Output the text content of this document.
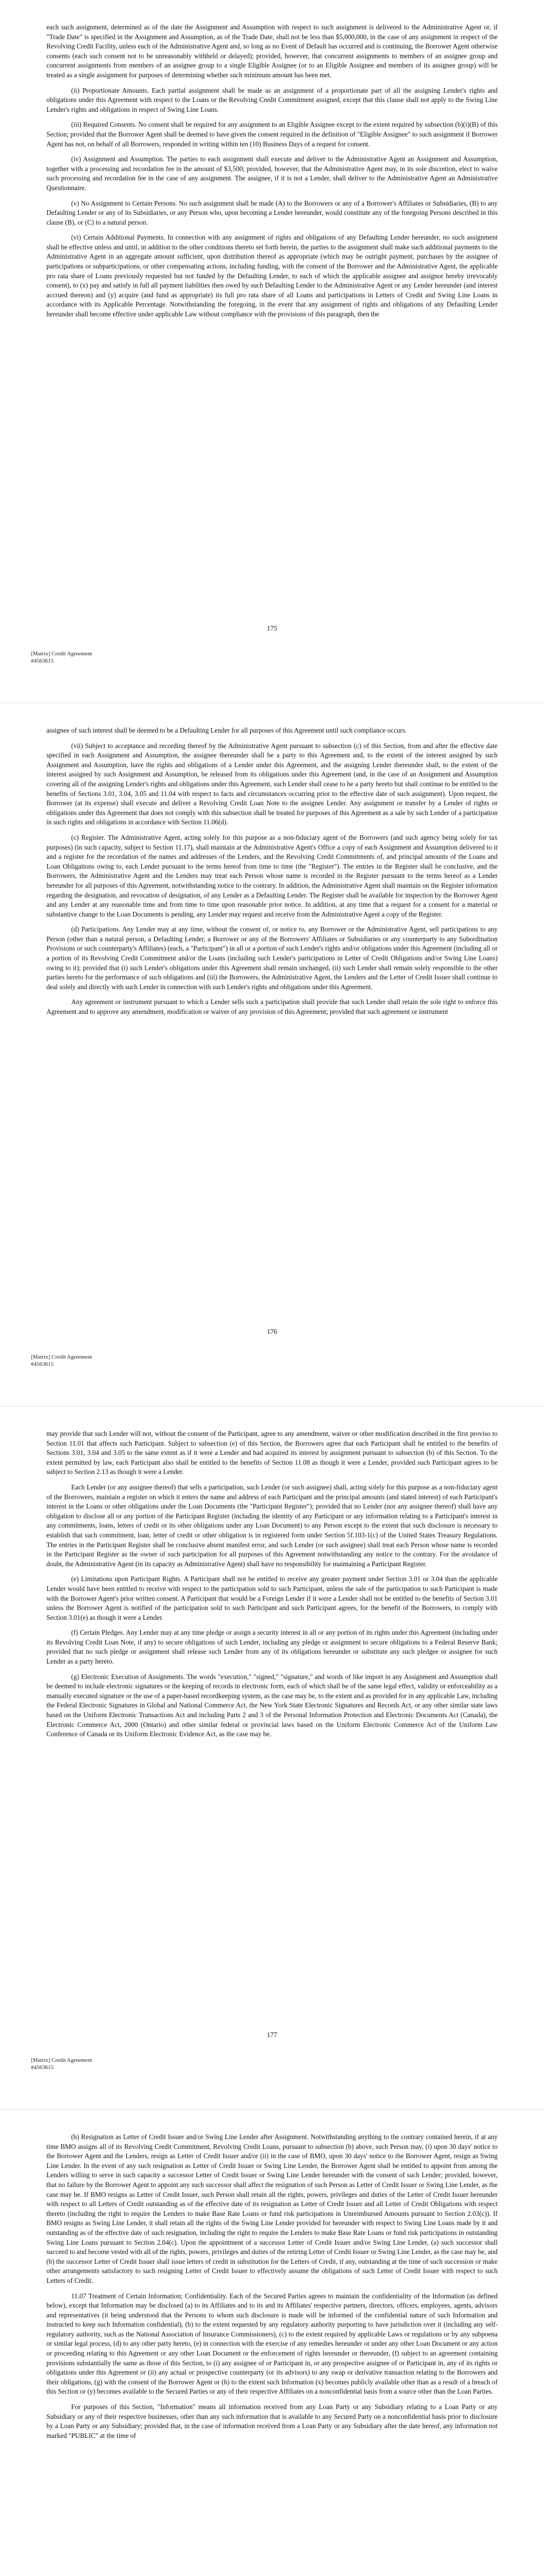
each such assignment, determined as of the date the Assignment and Assumption with respect to such assignment is delivered to the Administrative Agent or, if "Trade Date" is specified in the Assignment and Assumption, as of the Trade Date, shall not be less than $5,000,000, in the case of any assignment in respect of the Revolving Credit Facility, unless each of the Administrative Agent and, so long as no Event of Default has occurred and is continuing, the Borrower Agent otherwise consents (each such consent not to be unreasonably withheld or delayed); provided, however, that concurrent assignments to members of an assignee group and concurrent assignments from members of an assignee group to a single Eligible Assignee (or to an Eligible Assignee and members of its assignee group) will be treated as a single assignment for purposes of determining whether such minimum amount has been met.

(ii) Proportionate Amounts. Each partial assignment shall be made as an assignment of a proportionate part of all the assigning Lender's rights and obligations under this Agreement with respect to the Loans or the Revolving Credit Commitment assigned, except that this clause shall not apply to the Swing Line Lender's rights and obligations in respect of Swing Line Loans.

(iii) Required Consents. No consent shall be required for any assignment to an Eligible Assignee except to the extent required by subsection (b)(i)(B) of this Section; provided that the Borrower Agent shall be deemed to have given the consent required in the definition of "Eligible Assignee" to such assignment if Borrower Agent has not, on behalf of all Borrowers, responded in writing within ten (10) Business Days of a request for consent.

(iv) Assignment and Assumption. The parties to each assignment shall execute and deliver to the Administrative Agent an Assignment and Assumption, together with a processing and recordation fee in the amount of $3,500; provided, however, that the Administrative Agent may, in its sole discretion, elect to waive such processing and recordation fee in the case of any assignment. The assignee, if it is not a Lender, shall deliver to the Administrative Agent an Administrative Questionnaire.

(v) No Assignment to Certain Persons. No such assignment shall be made (A) to the Borrowers or any of a Borrower's Affiliates or Subsidiaries, (B) to any Defaulting Lender or any of its Subsidiaries, or any Person who, upon becoming a Lender hereunder, would constitute any of the foregoing Persons described in this clause (B), or (C) to a natural person.

(vi) Certain Additional Payments. In connection with any assignment of rights and obligations of any Defaulting Lender hereunder, no such assignment shall be effective unless and until, in addition to the other conditions thereto set forth herein, the parties to the assignment shall make such additional payments to the Administrative Agent in an aggregate amount sufficient, upon distribution thereof as appropriate (which may be outright payment, purchases by the assignee of participations or subparticipations, or other compensating actions, including funding, with the consent of the Borrower and the Administrative Agent, the applicable pro rata share of Loans previously requested but not funded by the Defaulting Lender, to each of which the applicable assignee and assignor hereby irrevocably consent), to (x) pay and satisfy in full all payment liabilities then owed by such Defaulting Lender to the Administrative Agent or any Lender hereunder (and interest accrued thereon) and (y) acquire (and fund as appropriate) its full pro rata share of all Loans and participations in Letters of Credit and Swing Line Loans in accordance with its Applicable Percentage. Notwithstanding the foregoing, in the event that any assignment of rights and obligations of any Defaulting Lender hereunder shall become effective under applicable Law without compliance with the provisions of this paragraph, then the

175
[Matrix] Credit Agreement
#4563615

assignee of such interest shall be deemed to be a Defaulting Lender for all purposes of this Agreement until such compliance occurs.

(vii) Subject to acceptance and recording thereof by the Administrative Agent pursuant to subsection (c) of this Section, from and after the effective date specified in each Assignment and Assumption, the assignee thereunder shall be a party to this Agreement and, to the extent of the interest assigned by such Assignment and Assumption, have the rights and obligations of a Lender under this Agreement, and the assigning Lender thereunder shall, to the extent of the interest assigned by such Assignment and Assumption, be released from its obligations under this Agreement (and, in the case of an Assignment and Assumption covering all of the assigning Lender's rights and obligations under this Agreement, such Lender shall cease to be a party hereto but shall continue to be entitled to the benefits of Sections 3.01, 3.04, 3.05 and 11.04 with respect to facts and circumstances occurring prior to the effective date of such assignment). Upon request, the Borrower (at its expense) shall execute and deliver a Revolving Credit Loan Note to the assignee Lender. Any assignment or transfer by a Lender of rights or obligations under this Agreement that does not comply with this subsection shall be treated for purposes of this Agreement as a sale by such Lender of a participation in such rights and obligations in accordance with Section 11.06(d).

(c) Register. The Administrative Agent, acting solely for this purpose as a non-fiduciary agent of the Borrowers (and such agency being solely for tax purposes) (in such capacity, subject to Section 11.17), shall maintain at the Administrative Agent's Office a copy of each Assignment and Assumption delivered to it and a register for the recordation of the names and addresses of the Lenders, and the Revolving Credit Commitments of, and principal amounts of the Loans and Loan Obligations owing to, each Lender pursuant to the terms hereof from time to time (the "Register"). The entries in the Register shall be conclusive, and the Borrowers, the Administrative Agent and the Lenders may treat each Person whose name is recorded in the Register pursuant to the terms hereof as a Lender hereunder for all purposes of this Agreement, notwithstanding notice to the contrary. In addition, the Administrative Agent shall maintain on the Register information regarding the designation, and revocation of designation, of any Lender as a Defaulting Lender. The Register shall be available for inspection by the Borrower Agent and any Lender at any reasonable time and from time to time upon reasonable prior notice. In addition, at any time that a request for a consent for a material or substantive change to the Loan Documents is pending, any Lender may request and receive from the Administrative Agent a copy of the Register.

(d) Participations. Any Lender may at any time, without the consent of, or notice to, any Borrower or the Administrative Agent, sell participations to any Person (other than a natural person, a Defaulting Lender, a Borrower or any of the Borrowers' Affiliates or Subsidiaries or any counterparty to any Subordination Provisions or such counterparty's Affiliates) (each, a "Participant") in all or a portion of such Lender's rights and/or obligations under this Agreement (including all or a portion of its Revolving Credit Commitment and/or the Loans (including such Lender's participations in Letter of Credit Obligations and/or Swing Line Loans) owing to it); provided that (i) such Lender's obligations under this Agreement shall remain unchanged, (ii) such Lender shall remain solely responsible to the other parties hereto for the performance of such obligations and (iii) the Borrowers, the Administrative Agent, the Lenders and the Letter of Credit Issuer shall continue to deal solely and directly with such Lender in connection with such Lender's rights and obligations under this Agreement.

Any agreement or instrument pursuant to which a Lender sells such a participation shall provide that such Lender shall retain the sole right to enforce this Agreement and to approve any amendment, modification or waiver of any provision of this Agreement; provided that such agreement or instrument

176
[Matrix] Credit Agreement
#4563615

may provide that such Lender will not, without the consent of the Participant, agree to any amendment, waiver or other modification described in the first proviso to Section 11.01 that affects such Participant. Subject to subsection (e) of this Section, the Borrowers agree that each Participant shall be entitled to the benefits of Sections 3.01, 3.04 and 3.05 to the same extent as if it were a Lender and had acquired its interest by assignment pursuant to subsection (b) of this Section. To the extent permitted by law, each Participant also shall be entitled to the benefits of Section 11.08 as though it were a Lender, provided such Participant agrees to be subject to Section 2.13 as though it were a Lender.

Each Lender (or any assignee thereof) that sells a participation, such Lender (or such assignee) shall, acting solely for this purpose as a non-fiduciary agent of the Borrowers, maintain a register on which it enters the name and address of each Participant and the principal amounts (and stated interest) of each Participant's interest in the Loans or other obligations under the Loan Documents (the "Participant Register"); provided that no Lender (nor any assignee thereof) shall have any obligation to disclose all or any portion of the Participant Register (including the identity of any Participant or any information relating to a Participant's interest in any commitments, loans, letters of credit or its other obligations under any Loan Document) to any Person except to the extent that such disclosure is necessary to establish that such commitment, loan, letter of credit or other obligation is in registered form under Section 5f.103-1(c) of the United States Treasury Regulations. The entries in the Participant Register shall be conclusive absent manifest error, and such Lender (or such assignee) shall treat each Person whose name is recorded in the Participant Register as the owner of such participation for all purposes of this Agreement notwithstanding any notice to the contrary. For the avoidance of doubt, the Administrative Agent (in its capacity as Administrative Agent) shall have no responsibility for maintaining a Participant Register.

(e) Limitations upon Participant Rights. A Participant shall not be entitled to receive any greater payment under Section 3.01 or 3.04 than the applicable Lender would have been entitled to receive with respect to the participation sold to such Participant, unless the sale of the participation to such Participant is made with the Borrower Agent's prior written consent. A Participant that would be a Foreign Lender if it were a Lender shall not be entitled to the benefits of Section 3.01 unless the Borrower Agent is notified of the participation sold to such Participant and such Participant agrees, for the benefit of the Borrowers, to comply with Section 3.01(e) as though it were a Lender.

(f) Certain Pledges. Any Lender may at any time pledge or assign a security interest in all or any portion of its rights under this Agreement (including under its Revolving Credit Loan Note, if any) to secure obligations of such Lender, including any pledge or assignment to secure obligations to a Federal Reserve Bank; provided that no such pledge or assignment shall release such Lender from any of its obligations hereunder or substitute any such pledgee or assignee for such Lender as a party hereto.

(g) Electronic Execution of Assignments. The words "execution," "signed," "signature," and words of like import in any Assignment and Assumption shall be deemed to include electronic signatures or the keeping of records in electronic form, each of which shall be of the same legal effect, validity or enforceability as a manually executed signature or the use of a paper-based recordkeeping system, as the case may be, to the extent and as provided for in any applicable Law, including the Federal Electronic Signatures in Global and National Commerce Act, the New York State Electronic Signatures and Records Act, or any other similar state laws based on the Uniform Electronic Transactions Act and including Parts 2 and 3 of the Personal Information Protection and Electronic Documents Act (Canada), the Electronic Commerce Act, 2000 (Ontario) and other similar federal or provincial laws based on the Uniform Electronic Commerce Act of the Uniform Law Conference of Canada or its Uniform Electronic Evidence Act, as the case may be.

177
[Matrix] Credit Agreement
#4563615

(h) Resignation as Letter of Credit Issuer and/or Swing Line Lender after Assignment. Notwithstanding anything to the contrary contained herein, if at any time BMO assigns all of its Revolving Credit Commitment, Revolving Credit Loans, pursuant to subsection (b) above, such Person may, (i) upon 30 days' notice to the Borrower Agent and the Lenders, resign as Letter of Credit Issuer and/or (ii) in the case of BMO, upon 30 days' notice to the Borrower Agent, resign as Swing Line Lender. In the event of any such resignation as Letter of Credit Issuer or Swing Line Lender, the Borrower Agent shall be entitled to appoint from among the Lenders willing to serve in such capacity a successor Letter of Credit Issuer or Swing Line Lender hereunder with the consent of such Lender; provided, however, that no failure by the Borrower Agent to appoint any such successor shall affect the resignation of such Person as Letter of Credit Issuer or Swing Line Lender, as the case may be. If BMO resigns as Letter of Credit Issuer, such Person shall retain all the rights, powers, privileges and duties of the Letter of Credit Issuer hereunder with respect to all Letters of Credit outstanding as of the effective date of its resignation as Letter of Credit Issuer and all Letter of Credit Obligations with respect thereto (including the right to require the Lenders to make Base Rate Loans or fund risk participations in Unreimbursed Amounts pursuant to Section 2.03(c)). If BMO resigns as Swing Line Lender, it shall retain all the rights of the Swing Line Lender provided for hereunder with respect to Swing Line Loans made by it and outstanding as of the effective date of such resignation, including the right to require the Lenders to make Base Rate Loans or fund risk participations in outstanding Swing Line Loans pursuant to Section 2.04(c). Upon the appointment of a successor Letter of Credit Issuer and/or Swing Line Lender, (a) such successor shall succeed to and become vested with all of the rights, powers, privileges and duties of the retiring Letter of Credit Issuer or Swing Line Lender, as the case may be, and (b) the successor Letter of Credit Issuer shall issue letters of credit in substitution for the Letters of Credit, if any, outstanding at the time of such succession or make other arrangements satisfactory to such resigning Letter of Credit Issuer to effectively assume the obligations of such Letter of Credit Issuer with respect to such Letters of Credit.

11.07 Treatment of Certain Information; Confidentiality. Each of the Secured Parties agrees to maintain the confidentiality of the Information (as defined below), except that Information may be disclosed (a) to its Affiliates and to its and its Affiliates' respective partners, directors, officers, employees, agents, advisors and representatives (it being understood that the Persons to whom such disclosure is made will be informed of the confidential nature of such Information and instructed to keep such Information confidential), (b) to the extent requested by any regulatory authority purporting to have jurisdiction over it (including any self-regulatory authority, such as the National Association of Insurance Commissioners), (c) to the extent required by applicable Laws or regulations or by any subpoena or similar legal process, (d) to any other party hereto, (e) in connection with the exercise of any remedies hereunder or under any other Loan Document or any action or proceeding relating to this Agreement or any other Loan Document or the enforcement of rights hereunder or thereunder, (f) subject to an agreement containing provisions substantially the same as those of this Section, to (i) any assignee of or Participant in, or any prospective assignee of or Participant in, any of its rights or obligations under this Agreement or (ii) any actual or prospective counterparty (or its advisors) to any swap or derivative transaction relating to the Borrowers and their obligations, (g) with the consent of the Borrower Agent or (h) to the extent such Information (x) becomes publicly available other than as a result of a breach of this Section or (y) becomes available to the Secured Parties or any of their respective Affiliates on a nonconfidential basis from a source other than the Loan Parties.

For purposes of this Section, "Information" means all information received from any Loan Party or any Subsidiary relating to a Loan Party or any Subsidiary or any of their respective businesses, other than any such information that is available to any Secured Party on a nonconfidential basis prior to disclosure by a Loan Party or any Subsidiary; provided that, in the case of information received from a Loan Party or any Subsidiary after the date hereof, any information not marked "PUBLIC" at the time of
